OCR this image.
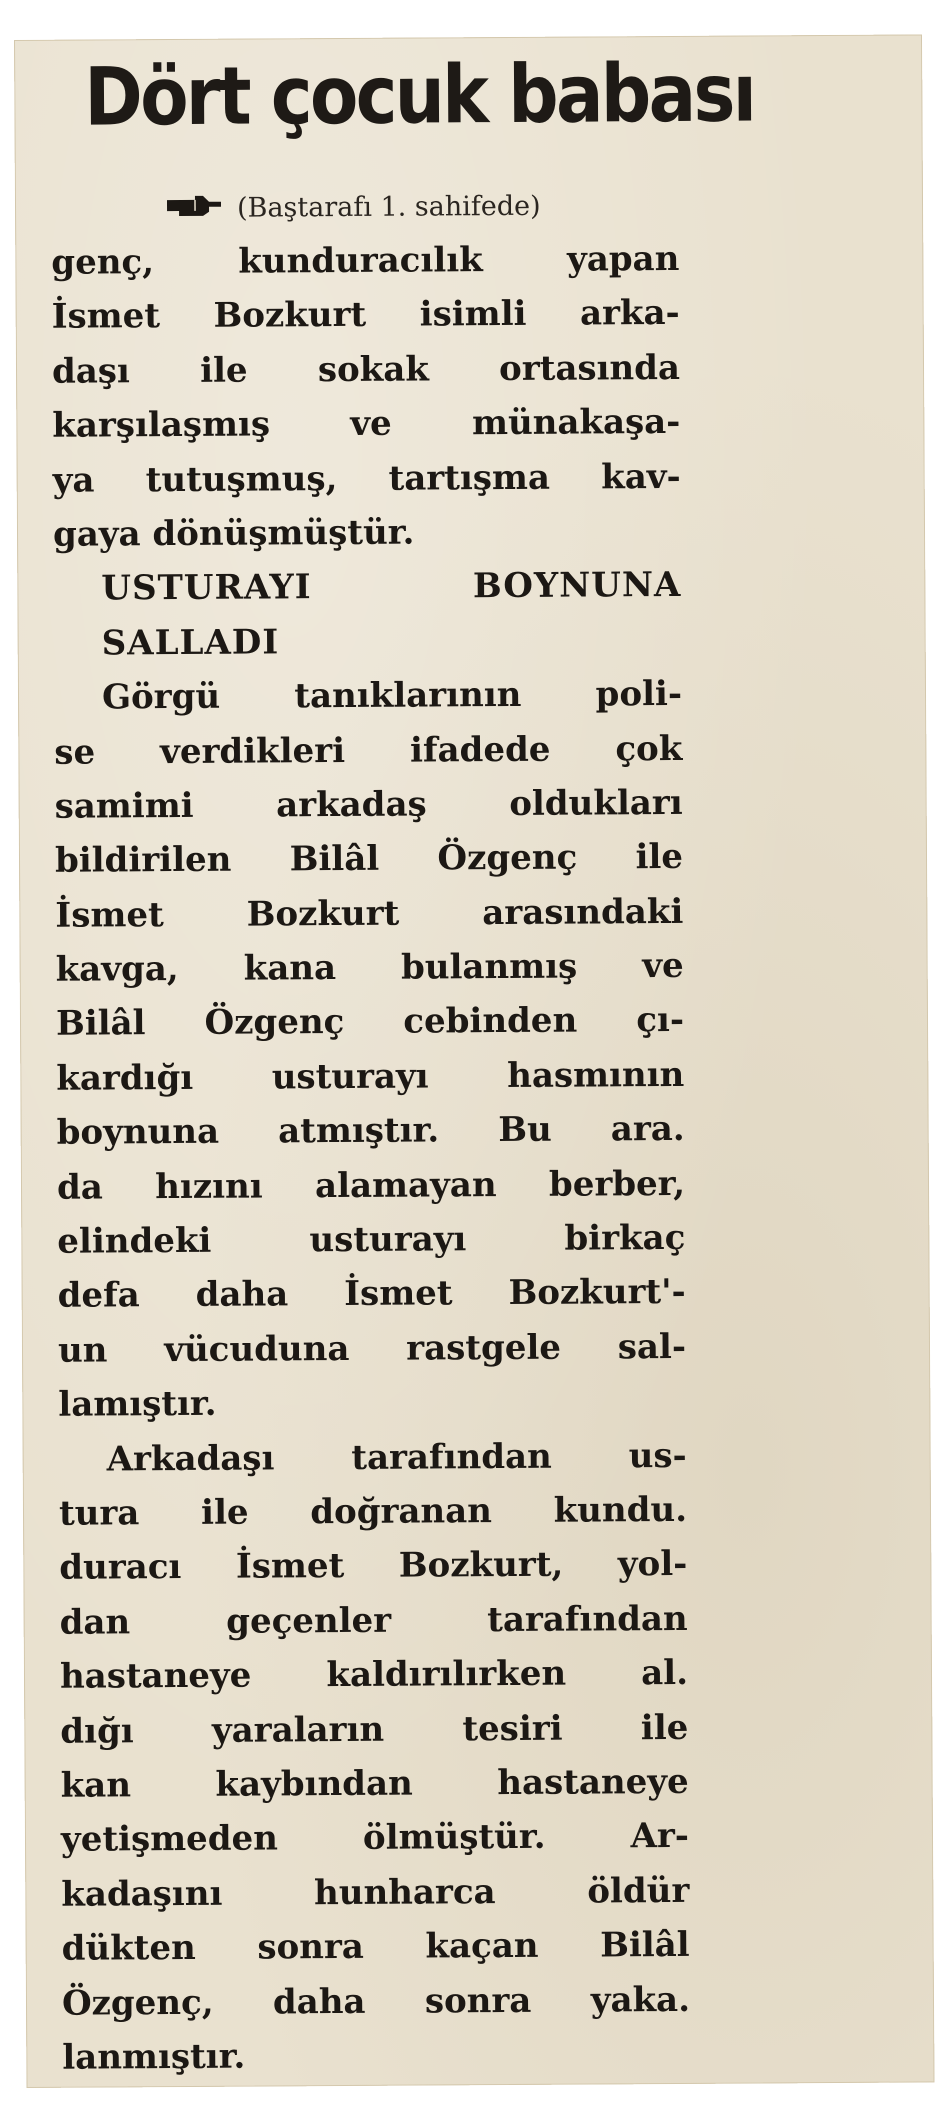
Dört çocuk babası
(Baştarafı 1. sahifede)
genç, kunduracılık yapan
İsmet Bozkurt isimli arka-
daşı ile sokak ortasında
karşılaşmış ve münakaşa-
ya tutuşmuş, tartışma kav-
gaya dönüşmüştür.
USTURAYI BOYNUNA
SALLADI
Görgü tanıklarının poli-
se verdikleri ifadede çok
samimi arkadaş oldukları
bildirilen Bilâl Özgenç ile
İsmet Bozkurt arasındaki
kavga, kana bulanmış ve
Bilâl Özgenç cebinden çı-
kardığı usturayı hasmının
boynuna atmıştır. Bu ara.
da hızını alamayan berber,
elindeki usturayı birkaç
defa daha İsmet Bozkurt'-
un vücuduna rastgele sal-
lamıştır.
Arkadaşı tarafından us-
tura ile doğranan kundu.
duracı İsmet Bozkurt, yol-
dan geçenler tarafından
hastaneye kaldırılırken al.
dığı yaraların tesiri ile
kan kaybından hastaneye
yetişmeden ölmüştür. Ar-
kadaşını hunharca öldür
dükten sonra kaçan Bilâl
Özgenç, daha sonra yaka.
lanmıştır.
